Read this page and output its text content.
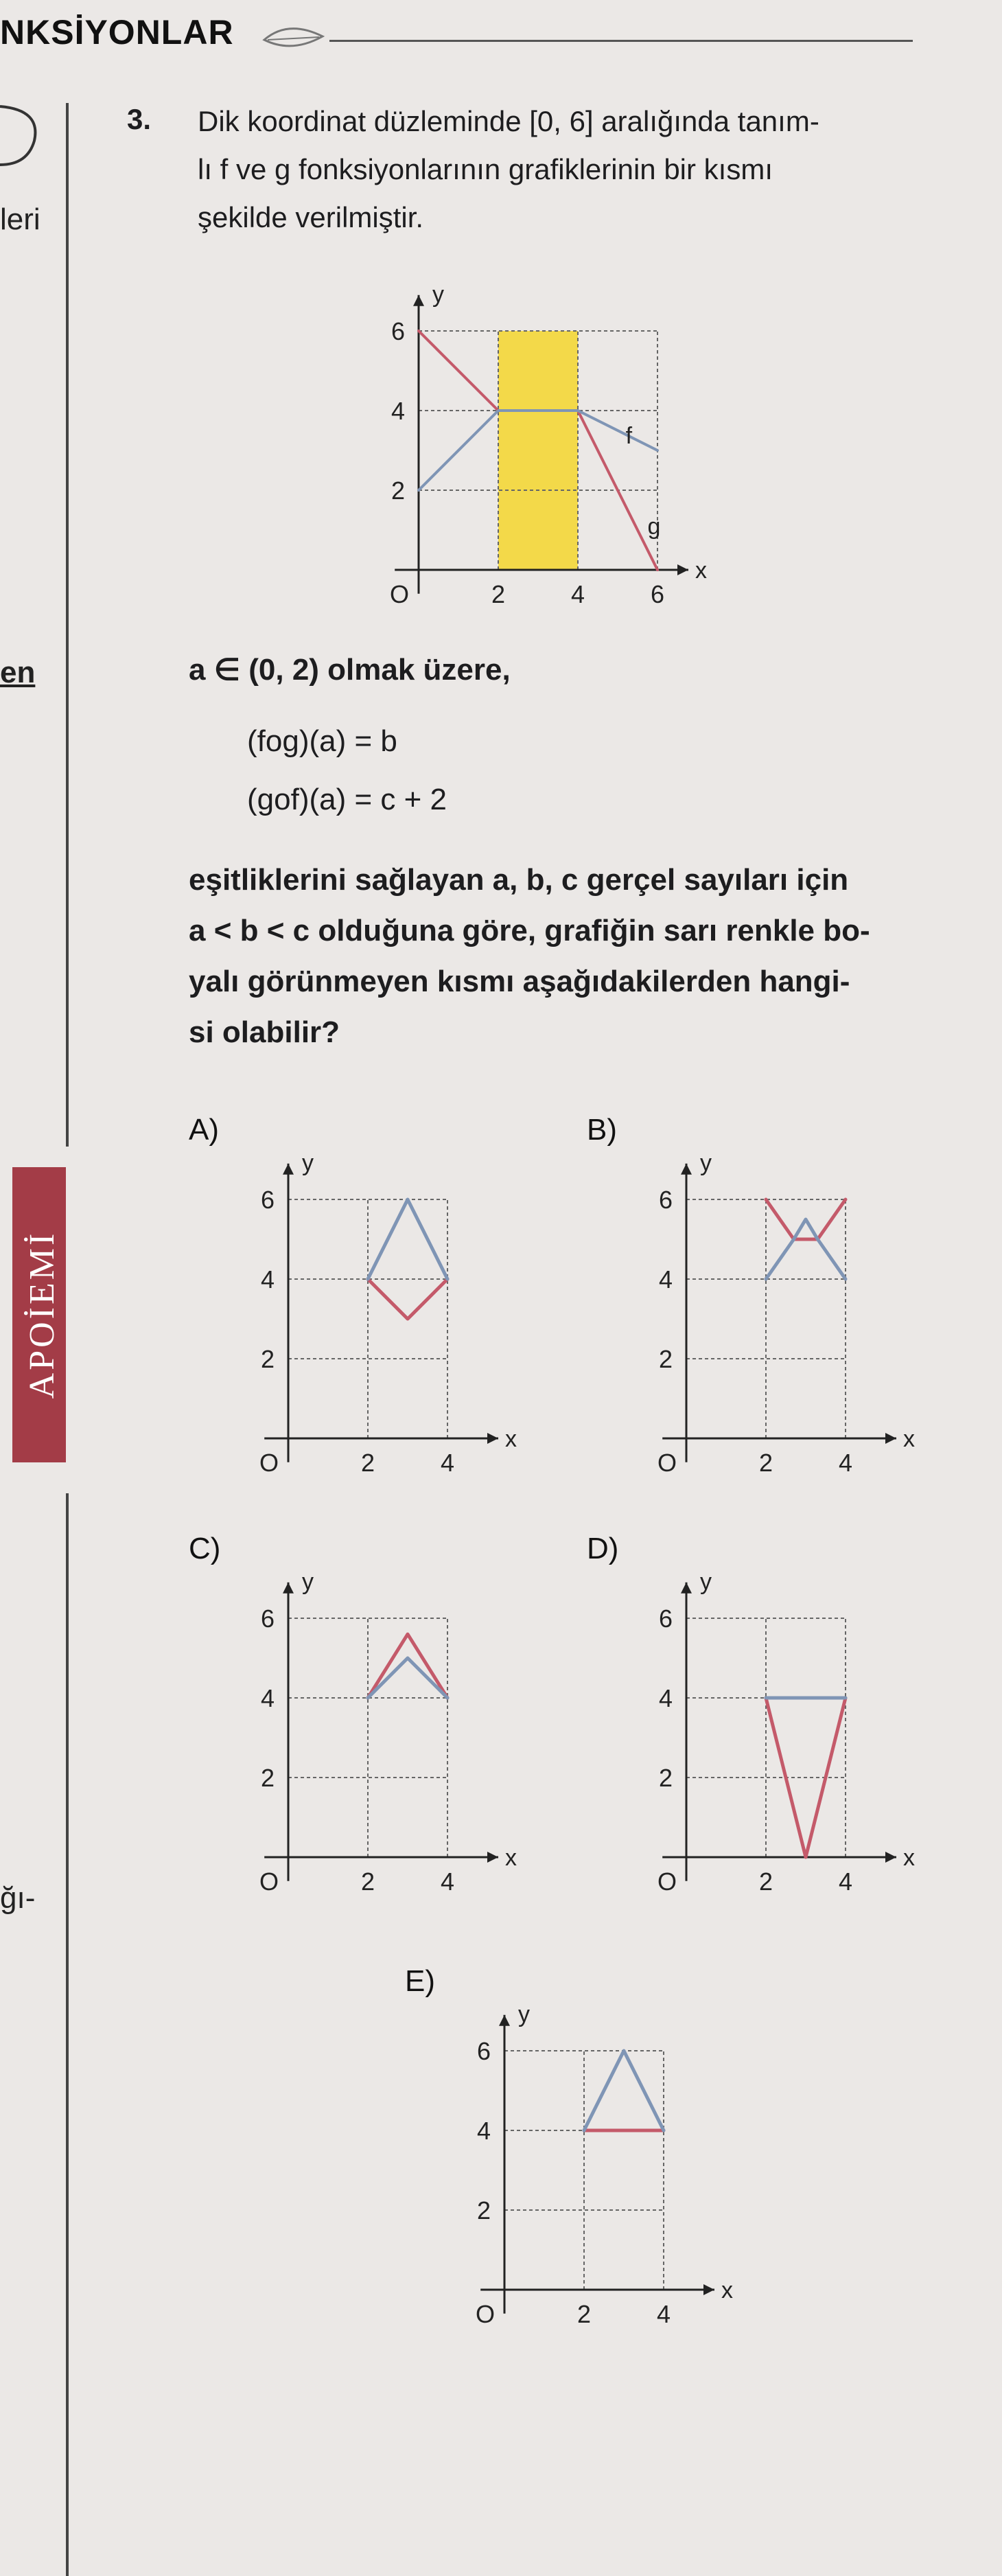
NKSİYONLAR
leri
en
ğı-
APOİEMİ
3. Dik koordinat düzleminde [0, 6] aralığında tanım-
lı f ve g fonksiyonlarının grafiklerinin bir kısmı
şekilde verilmiştir.
x
y
O
2
4
6
2	4	6
f
g
a ∈ (0, 2) olmak üzere,
(fog)(a) = b
(gof)(a) = c + 2
eşitliklerini sağlayan a, b, c gerçel sayıları için
a < b < c olduğuna göre, grafiğin sarı renkle bo-
yalı görünmeyen kısmı aşağıdakilerden hangi-
si olabilir?
A)
x
y
O
2
4
6
2	4
B)
x
y
O
2
4
6
2	4
C)
x
y
O
2
4
6
2	4
D)
x
y
O
2
4
6
2	4
E)
x
y
O
2
4
6
2	4
